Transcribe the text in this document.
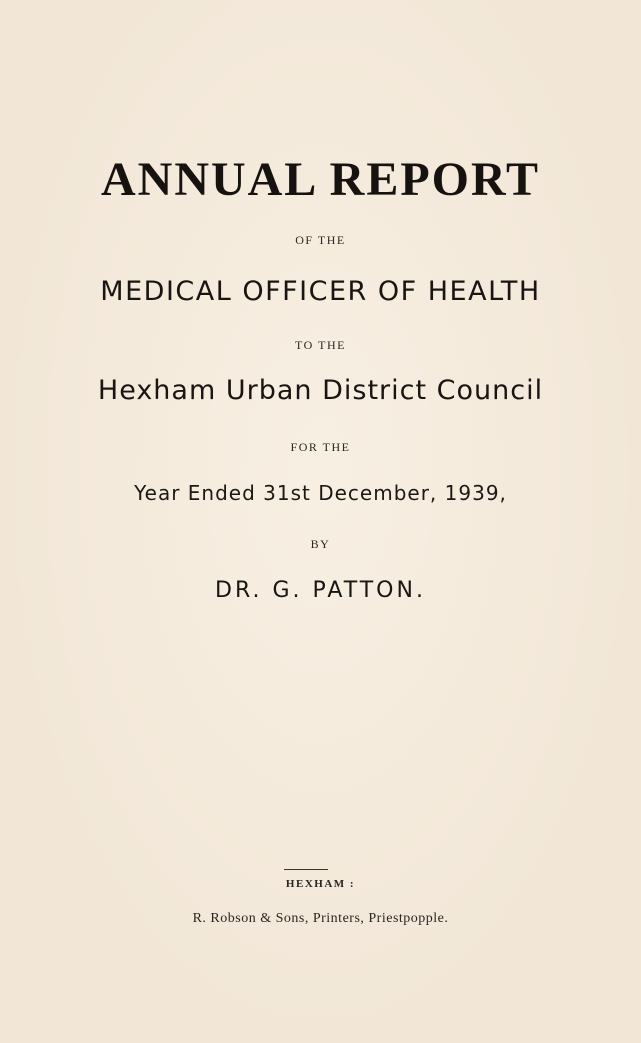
ANNUAL REPORT
OF THE
MEDICAL OFFICER OF HEALTH
TO THE
Hexham Urban District Council
FOR THE
Year Ended 31st December, 1939,
BY
DR. G. PATTON.
HEXHAM :
R. Robson & Sons, Printers, Priestpopple.
